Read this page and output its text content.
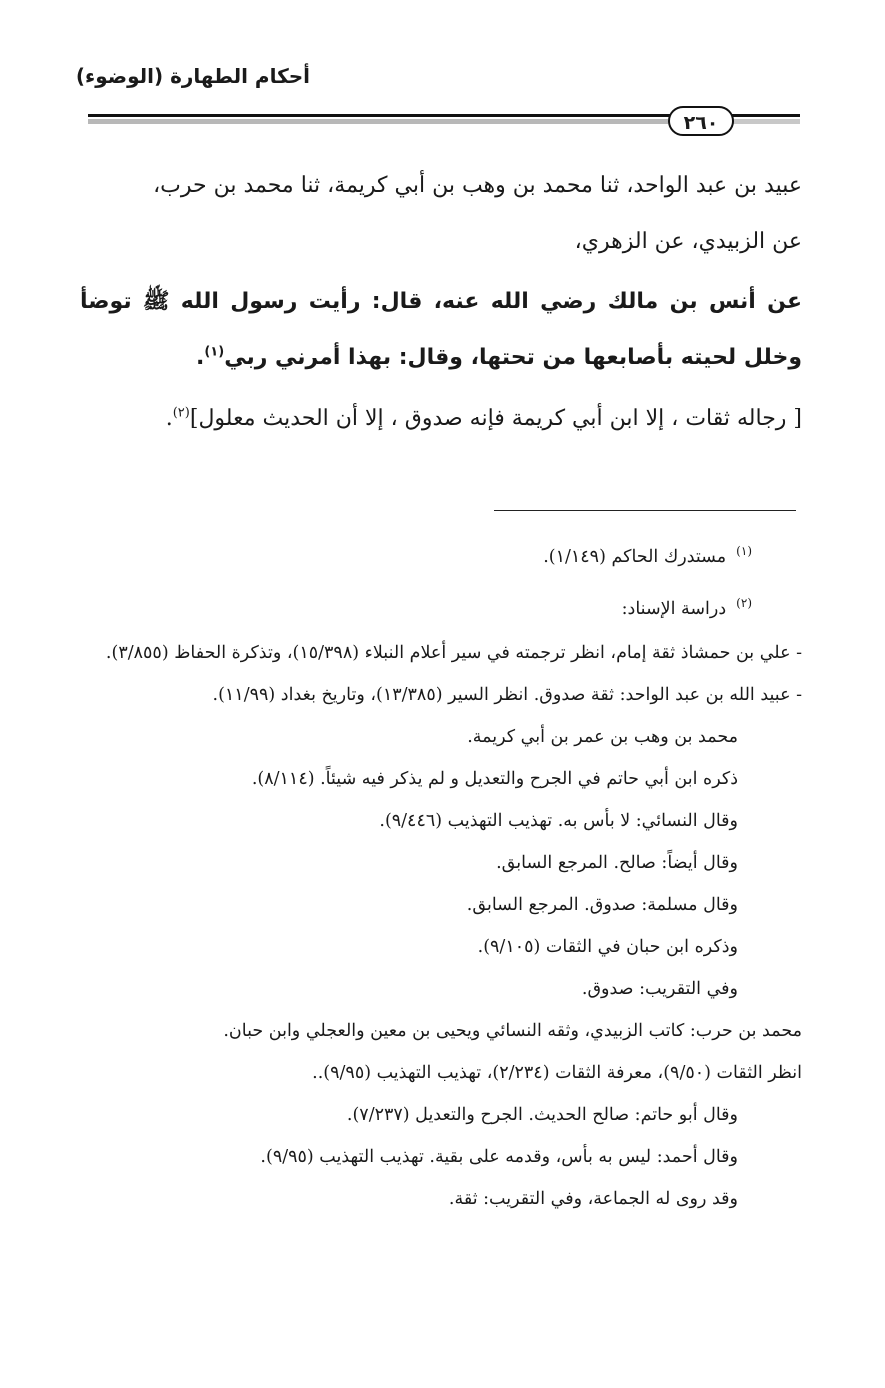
أحكام الطهارة (الوضوء)
٢٦٠

عبيد بن عبد الواحد، ثنا محمد بن وهب بن أبي كريمة، ثنا محمد بن حرب،
عن الزبيدي، عن الزهري،

عن أنس بن مالك رضي الله عنه، قال: رأيت رسول الله ﷺ توضأ وخلل لحيته بأصابعها من تحتها، وقال: بهذا أمرني ربي$^{(١)}$.

[ رجاله ثقات ، إلا ابن أبي كريمة فإنه صدوق ، إلا أن الحديث معلول]$^{(٢)}$.

$^{(١)}$مستدرك الحاكم (١/١٤٩).

$^{(٢)}$دراسة الإسناد:

- علي بن حمشاذ ثقة إمام، انظر ترجمته في سير أعلام النبلاء (١٥/٣٩٨)، وتذكرة الحفاظ (٣/٨٥٥).

- عبيد الله بن عبد الواحد: ثقة صدوق. انظر السير (١٣/٣٨٥)، وتاريخ بغداد (١١/٩٩).

محمد بن وهب بن عمر بن أبي كريمة.

ذكره ابن أبي حاتم في الجرح والتعديل و لم يذكر فيه شيئاً. (٨/١١٤).

وقال النسائي: لا بأس به. تهذيب التهذيب (٩/٤٤٦).

وقال أيضاً: صالح. المرجع السابق.

وقال مسلمة: صدوق. المرجع السابق.

وذكره ابن حبان في الثقات (٩/١٠٥).

وفي التقريب: صدوق.

محمد بن حرب: كاتب الزبيدي، وثقه النسائي ويحيى بن معين والعجلي وابن حبان.

انظر الثقات (٩/٥٠)، معرفة الثقات (٢/٢٣٤)، تهذيب التهذيب (٩/٩٥)..

وقال أبو حاتم: صالح الحديث. الجرح والتعديل (٧/٢٣٧).

وقال أحمد: ليس به بأس، وقدمه على بقية. تهذيب التهذيب (٩/٩٥).

وقد روى له الجماعة، وفي التقريب: ثقة.
